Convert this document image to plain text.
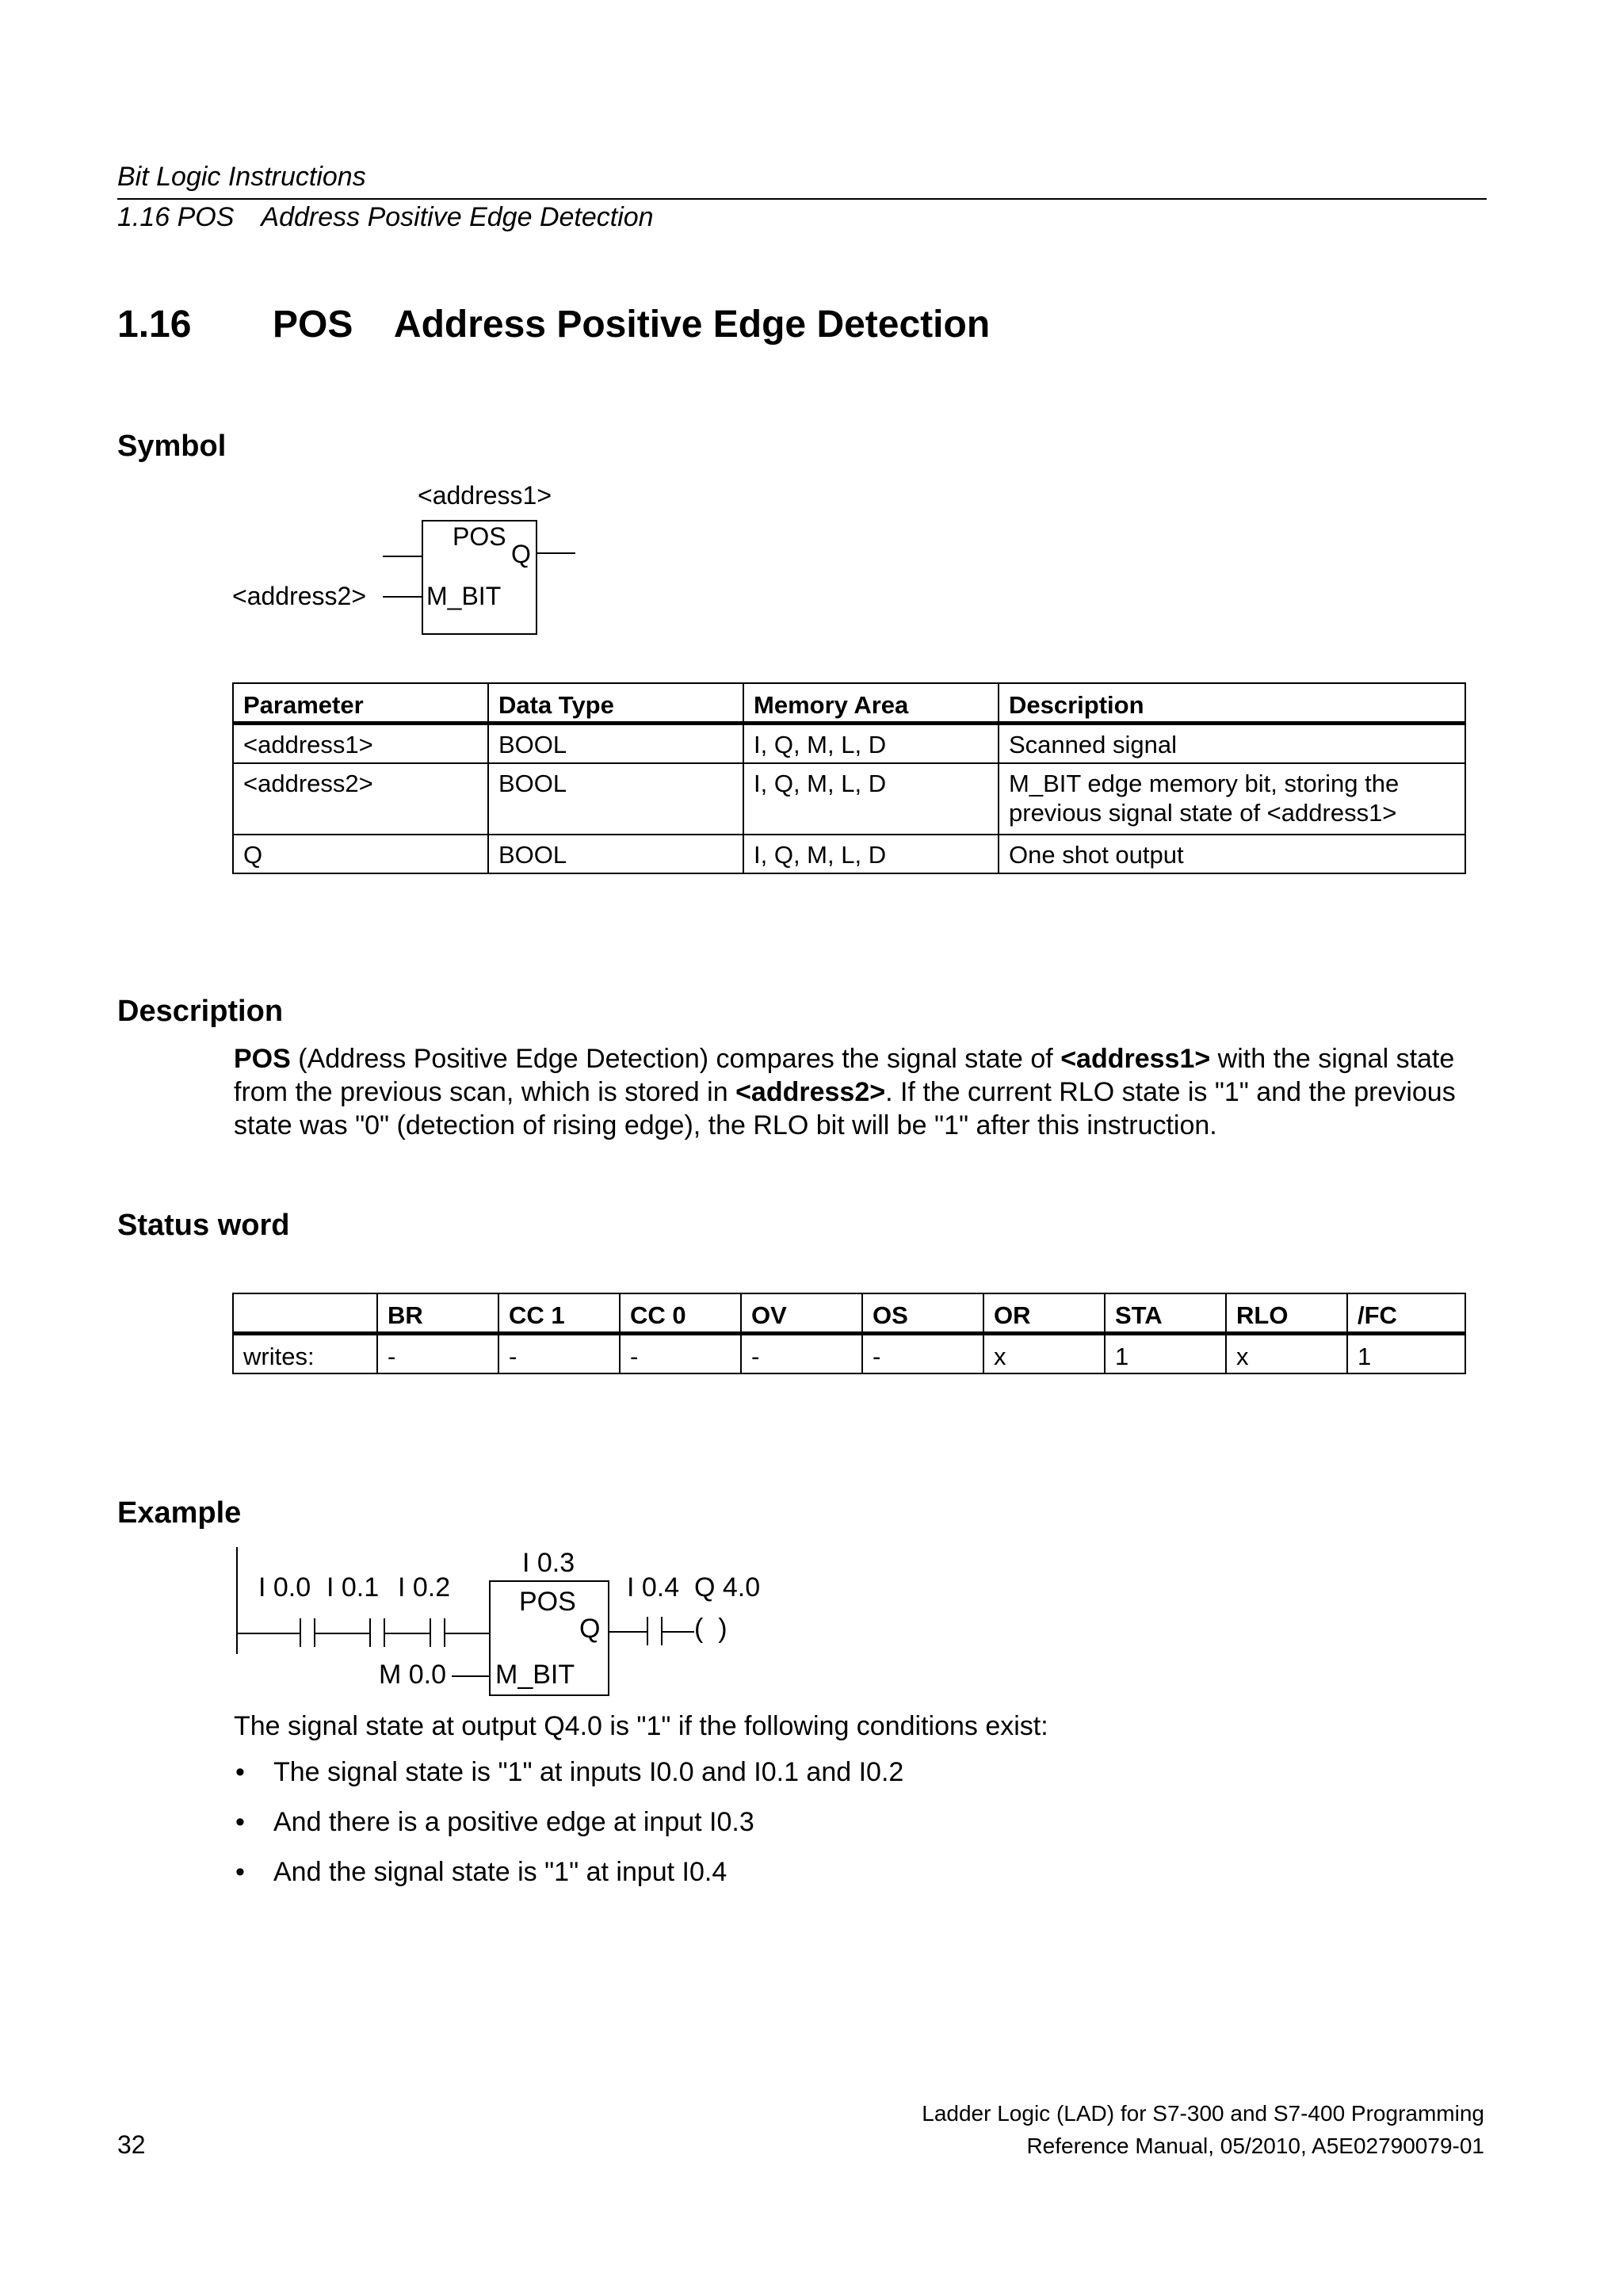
Bit Logic Instructions
1.16 POS Address Positive Edge Detection
1.16 POS    Address Positive Edge Detection
Symbol
<address1>
POS
Q
M_BIT
<address2>
Parameter	Data Type	Memory Area	Description
<address1>	BOOL	I, Q, M, L, D	Scanned signal
<address2>	BOOL	I, Q, M, L, D	M_BIT edge memory bit, storing the previous signal state of <address1>
Q	BOOL	I, Q, M, L, D	One shot output
Description
POS (Address Positive Edge Detection) compares the signal state of <address1> with the signal state from the previous scan, which is stored in <address2>. If the current RLO state is "1" and the previous state was "0" (detection of rising edge), the RLO bit will be "1" after this instruction.
Status word
	BR	CC 1	CC 0	OV	OS	OR	STA	RLO	/FC
writes:	-	-	-	-	-	x	1	x	1
Example
I 0.0 I 0.1 I 0.2
I 0.3
POS
Q
M_BIT
M 0.0
I 0.4 Q 4.0
(  )
The signal state at output Q4.0 is "1" if the following conditions exist:
• The signal state is "1" at inputs I0.0 and I0.1 and I0.2
• And there is a positive edge at input I0.3
• And the signal state is "1" at input I0.4
32
Ladder Logic (LAD) for S7-300 and S7-400 Programming
Reference Manual, 05/2010, A5E02790079-01
